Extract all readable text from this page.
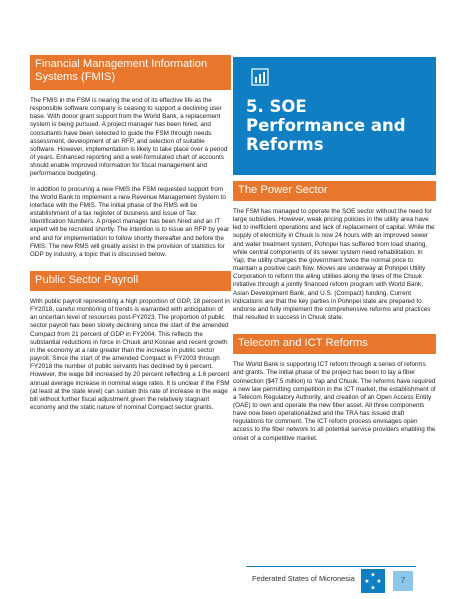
Financial Management Information Systems (FMIS)

The FMIS in the FSM is nearing the end of its effective life as the responsible software company is ceasing to support a declining user base. With donor grant support from the World Bank, a replacement system is being pursued. A project manager has been hired, and consultants have been selected to guide the FSM through needs assessment, development of an RFP, and selection of suitable software. However, implementation is likely to take place over a period of years. Enhanced reporting and a well-formulated chart of accounts should enable improved information for fiscal management and performance budgeting.

In addition to procuring a new FMIS the FSM requested support from the World Bank to implement a new Revenue Management System to interface with the FMIS. The initial phase of the RMS will be establishment of a tax register of business and issue of Tax Identification Numbers. A project manager has been hired and an IT expert will be recruited shortly. The intention is to issue an RFP by year end and for implementation to follow shortly thereafter and before the FMIS. The new RMS will greatly assist in the provision of statistics for GDP by industry, a topic that is discussed below.

Public Sector Payroll

With public payroll representing a high proportion of GDP, 18 percent in FY2018, careful monitoring of trends is warranted with anticipation of an uncertain level of resources post-FY2023. The proportion of public sector payroll has been slowly declining since the start of the amended Compact from 21 percent of GDP in FY2004. This reflects the substantial reductions in force in Chuuk and Kosrae and recent growth in the economy at a rate greater than the increase in public sector payroll. Since the start of the amended Compact in FY2003 through FY2018 the number of public servants has declined by 6 percent. However, the wage bill increased by 20 percent reflecting a 1.6 percent annual average increase in nominal wage rates. It is unclear if the FSM (at least at the state level) can sustain this rate of increase in the wage bill without further fiscal adjustment given the relatively stagnant economy and the static nature of nominal Compact sector grants.

5. SOE
Performance and
Reforms
The Power Sector

The FSM has managed to operate the SOE sector without the need for large subsidies. However, weak pricing policies in the utility area have led to inefficient operations and lack of replacement of capital. While the supply of electricity in Chuuk is now 24 hours with an improved sewer and water treatment system, Pohnpei has suffered from load sharing, while central components of its sewer system need rehabilitation. In Yap, the utility charges the government twice the normal price to maintain a positive cash flow. Moves are underway at Pohnpei Utility Corporation to reform the ailing utilities along the lines of the Chuuk initiative through a jointly financed reform program with World Bank, Asian Development Bank, and U.S. (Compact) funding. Current indications are that the key parties in Pohnpei state are prepared to endorse and fully implement the comprehensive reforms and practices that resulted in success in Chuuk state.

Telecom and ICT Reforms

The World Bank is supporting ICT reform through a series of reforms and grants. The initial phase of the project has been to lay a fiber connection ($47.5 million) to Yap and Chuuk. The reforms have required a new law permitting competition in the ICT market, the establishment of a Telecom Regulatory Authority, and creation of an Open Access Entity (OAE) to own and operate the new fiber asset. All three components have now been operationalized and the TRA has issued draft regulations for comment. The ICT reform process envisages open access to the fiber network to all potential service providers enabling the onset of a competitive market.

Federated States of Micronesia	★
★ ★
★
7
